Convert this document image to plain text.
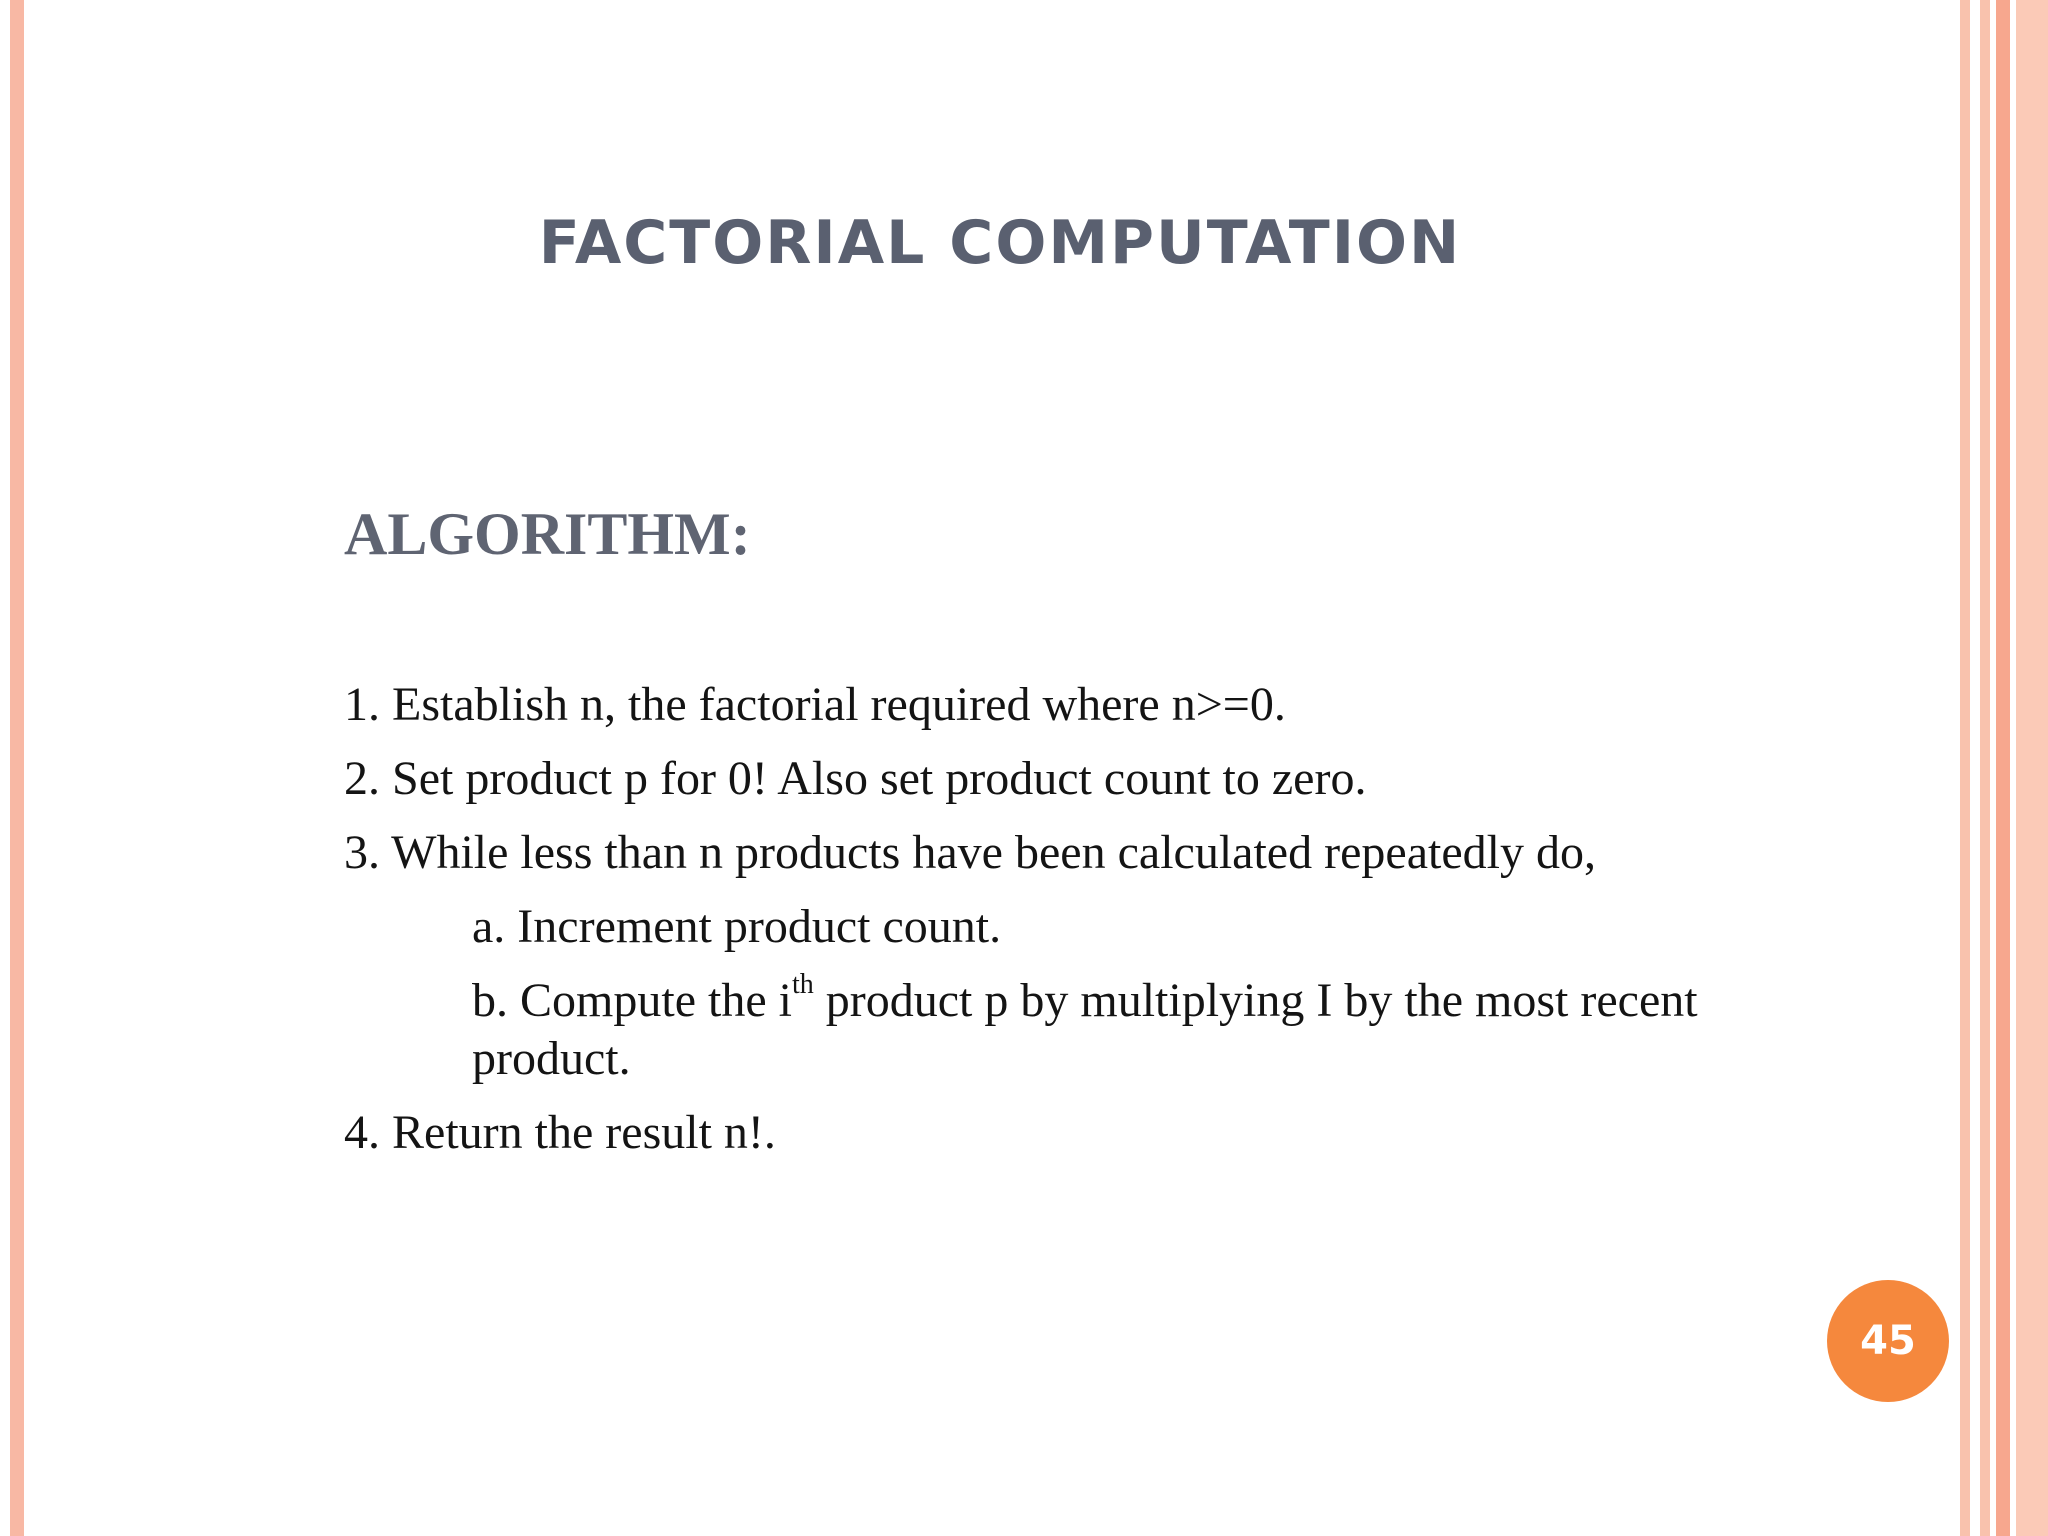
FACTORIAL COMPUTATION
ALGORITHM:

1. Establish n, the factorial required where n>=0.

2. Set product p for 0! Also set product count to zero.

3. While less than n products have been calculated repeatedly do,

a. Increment product count.

b. Compute the $i^{th}$ product p by multiplying I by the most recent product.

4. Return the result n!.

45
